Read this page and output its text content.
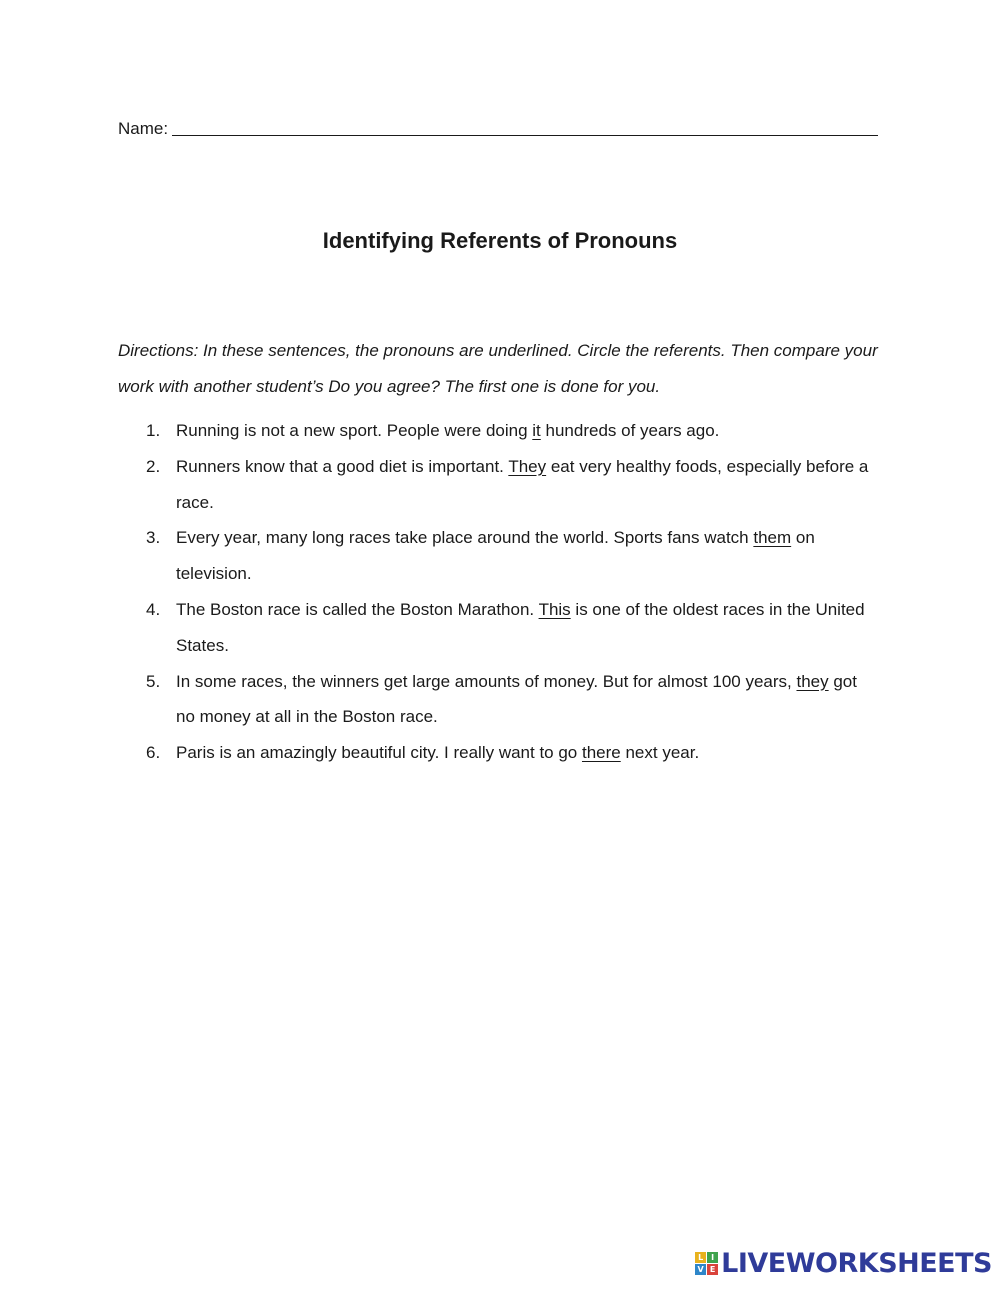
Name:
Identifying Referents of Pronouns
Directions: In these sentences, the pronouns are underlined. Circle the referents. Then compare your work with another student’s Do you agree? The first one is done for you.
1. Running is not a new sport. People were doing it hundreds of years ago.
2. Runners know that a good diet is important. They eat very healthy foods, especially before a race.
3. Every year, many long races take place around the world. Sports fans watch them on television.
4. The Boston race is called the Boston Marathon. This is one of the oldest races in the United States.
5. In some races, the winners get large amounts of money. But for almost 100 years, they got no money at all in the Boston race.
6. Paris is an amazingly beautiful city. I really want to go there next year.
L I
V E LIVEWORKSHEETS
